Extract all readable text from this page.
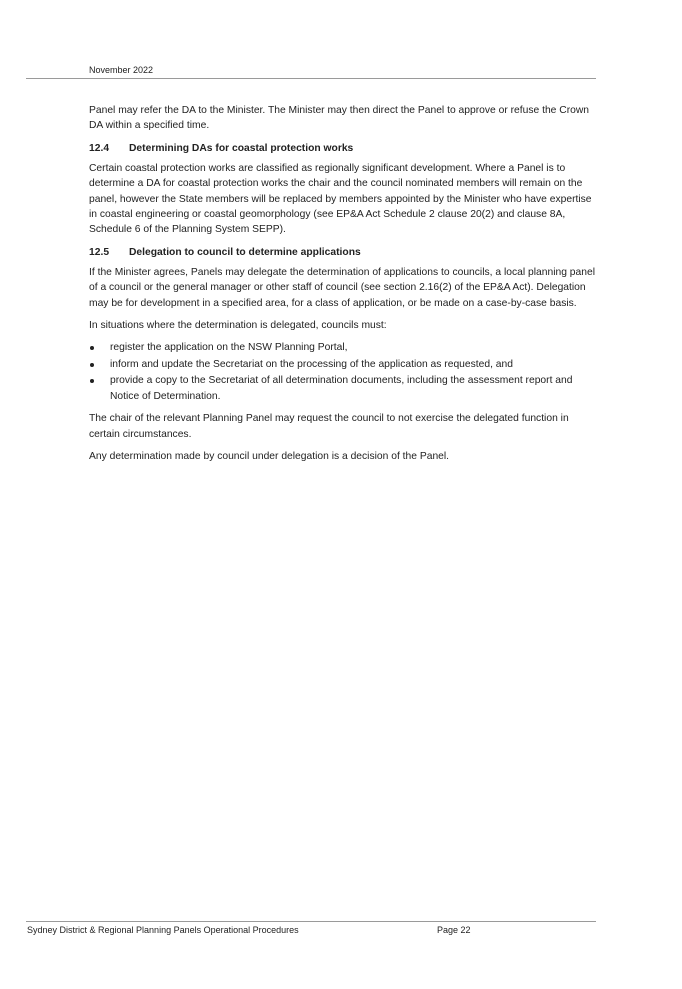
November 2022

Panel may refer the DA to the Minister. The Minister may then direct the Panel to approve or refuse the Crown DA within a specified time.

12.4	Determining DAs for coastal protection works

Certain coastal protection works are classified as regionally significant development. Where a Panel is to determine a DA for coastal protection works the chair and the council nominated members will remain on the panel, however the State members will be replaced by members appointed by the Minister who have expertise in coastal engineering or coastal geomorphology (see EP&A Act Schedule 2 clause 20(2) and clause 8A, Schedule 6 of the Planning System SEPP).

12.5	Delegation to council to determine applications

If the Minister agrees, Panels may delegate the determination of applications to councils, a local planning panel of a council or the general manager or other staff of council (see section 2.16(2) of the EP&A Act). Delegation may be for development in a specified area, for a class of application, or be made on a case-by-case basis.

In situations where the determination is delegated, councils must:

register the application on the NSW Planning Portal,
inform and update the Secretariat on the processing of the application as requested, and
provide a copy to the Secretariat of all determination documents, including the assessment report and Notice of Determination.

The chair of the relevant Planning Panel may request the council to not exercise the delegated function in certain circumstances.

Any determination made by council under delegation is a decision of the Panel.

Sydney District & Regional Planning Panels Operational Procedures	Page 22
